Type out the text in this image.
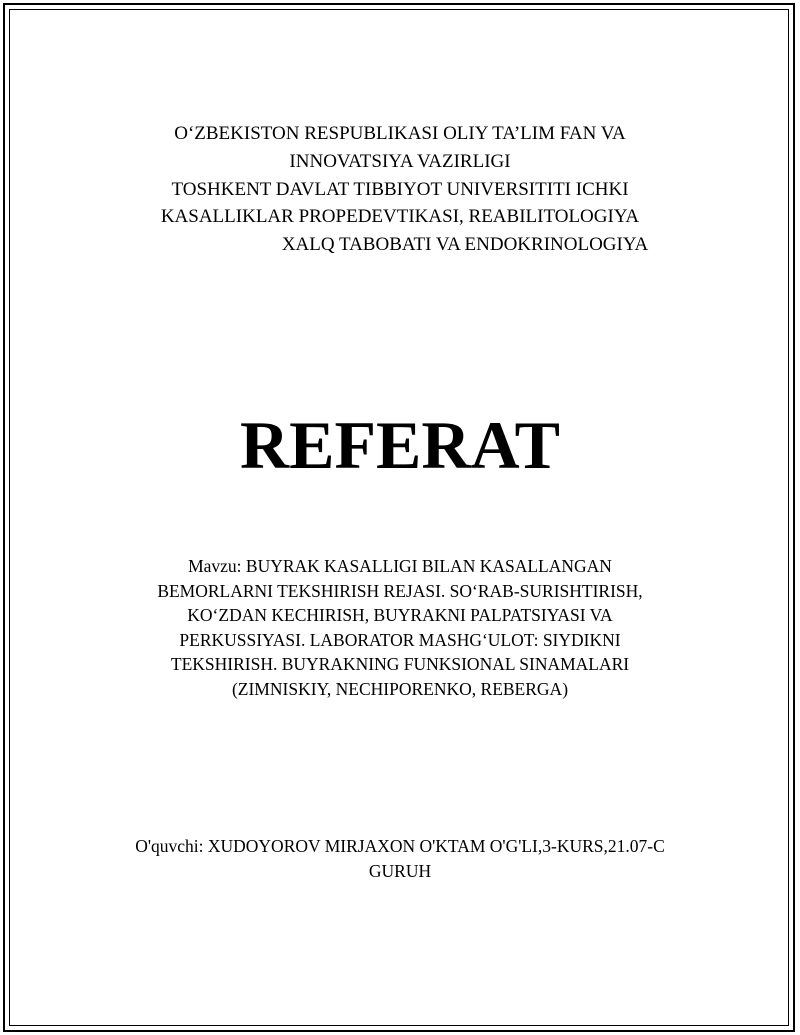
O‘ZBEKISTON RESPUBLIKASI OLIY TA’LIM FAN VA
INNOVATSIYA VAZIRLIGI
TOSHKENT DAVLAT TIBBIYOT UNIVERSITITI ICHKI
KASALLIKLAR PROPEDEVTIKASI, REABILITOLOGIYA
XALQ TABOBATI VA ENDOKRINOLOGIYA
REFERAT
Mavzu: BUYRAK KASALLIGI BILAN KASALLANGAN
BEMORLARNI TEKSHIRISH REJASI. SO‘RAB-SURISHTIRISH,
KO‘ZDAN KECHIRISH, BUYRAKNI PALPATSIYASI VA
PERKUSSIYASI. LABORATOR MASHG‘ULOT: SIYDIKNI
TEKSHIRISH. BUYRAKNING FUNKSIONAL SINAMALARI
(ZIMNISKIY, NECHIPORENKO, REBERGA)
O'quvchi: XUDOYOROV MIRJAXON O'KTAM O'G'LI,3-KURS,21.07-C
GURUH
